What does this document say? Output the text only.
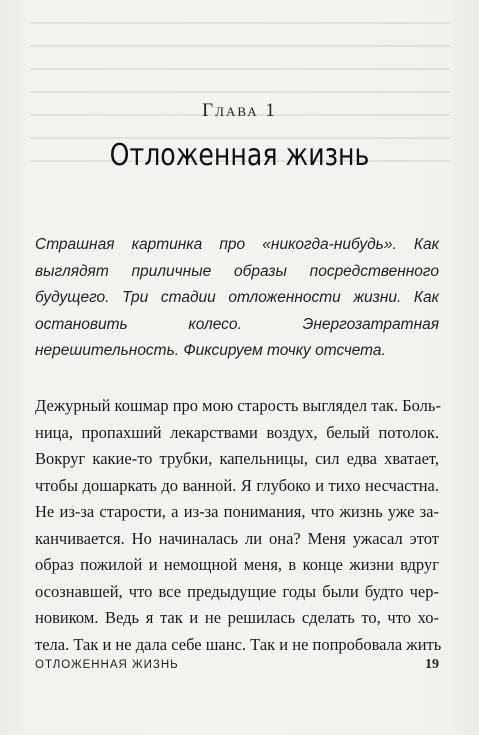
Глава 1
Отложенная жизнь
Страшная картинка про «никогда-нибудь». Как выглядят приличные образы посредственного будущего. Три стадии отложенности жизни. Как остановить колесо. Энергозатратная нерешительность. Фиксируем точку отсчета.
Дежурный кошмар про мою старость выглядел так. Боль-
ница, пропахший лекарствами воздух, белый потолок.
Вокруг какие-то трубки, капельницы, сил едва хватает,
чтобы дошаркать до ванной. Я глубоко и тихо несчастна.
Не из-за старости, а из-за понимания, что жизнь уже за-
канчивается. Но начиналась ли она? Меня ужасал этот
образ пожилой и немощной меня, в конце жизни вдруг
осознавшей, что все предыдущие годы были будто чер-
новиком. Ведь я так и не решилась сделать то, что хо-
тела. Так и не дала себе шанс. Так и не попробовала жить
ОТЛОЖЕННАЯ ЖИЗНЬ	19
